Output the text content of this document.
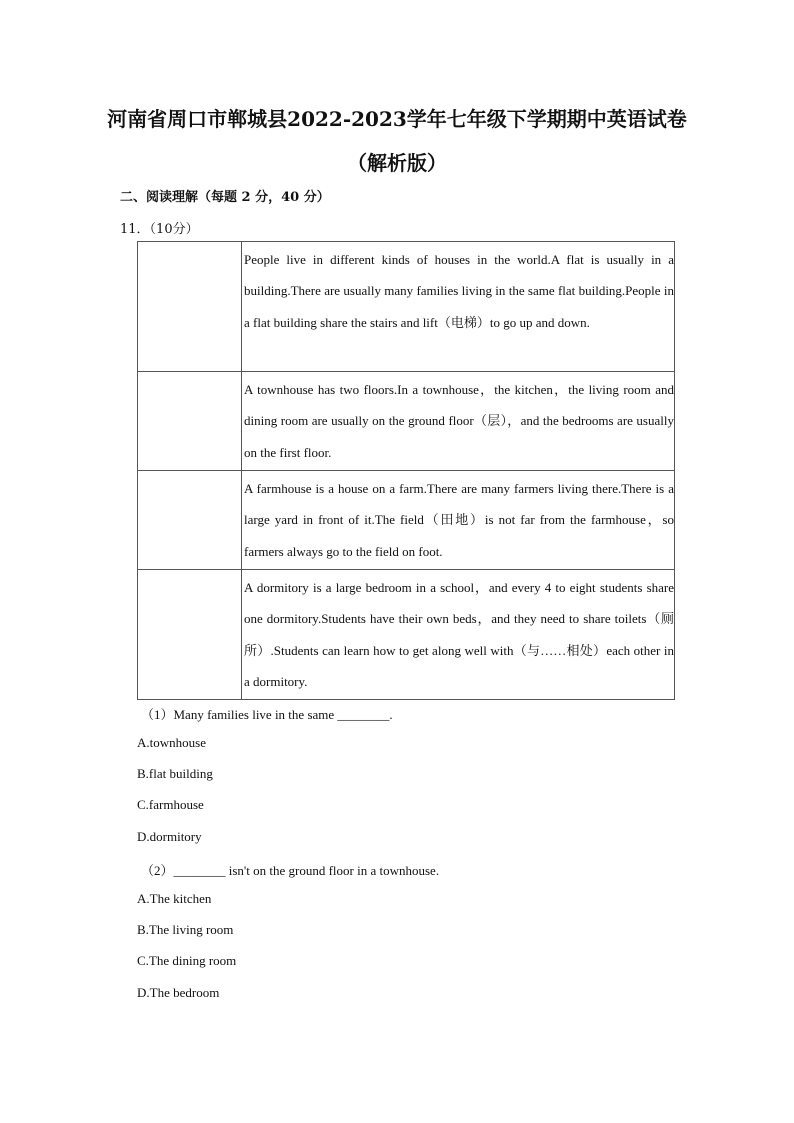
河南省周口市郸城县2022-2023学年七年级下学期期中英语试卷
（解析版）
二、阅读理解（每题 2 分，40 分）
11．（10分）
	People live in different kinds of houses in the world.A flat is usually in a building.There are usually many families living in the same flat building.People in a flat building share the stairs and lift（电梯）to go up and down.
	A townhouse has two floors.In a townhouse，the kitchen，the living room and dining room are usually on the ground floor（层），and the bedrooms are usually on the first floor.
	A farmhouse is a house on a farm.There are many farmers living there.There is a large yard in front of it.The field（田地）is not far from the farmhouse，so farmers always go to the field on foot.
	A dormitory is a large bedroom in a school，and every 4 to eight students share one dormitory.Students have their own beds，and they need to share toilets（厕所）.Students can learn how to get along well with（与……相处）each other in a dormitory.
（1）Many families live in the same ________.
A.townhouse
B.flat building
C.farmhouse
D.dormitory
（2）________ isn't on the ground floor in a townhouse.
A.The kitchen
B.The living room
C.The dining room
D.The bedroom
